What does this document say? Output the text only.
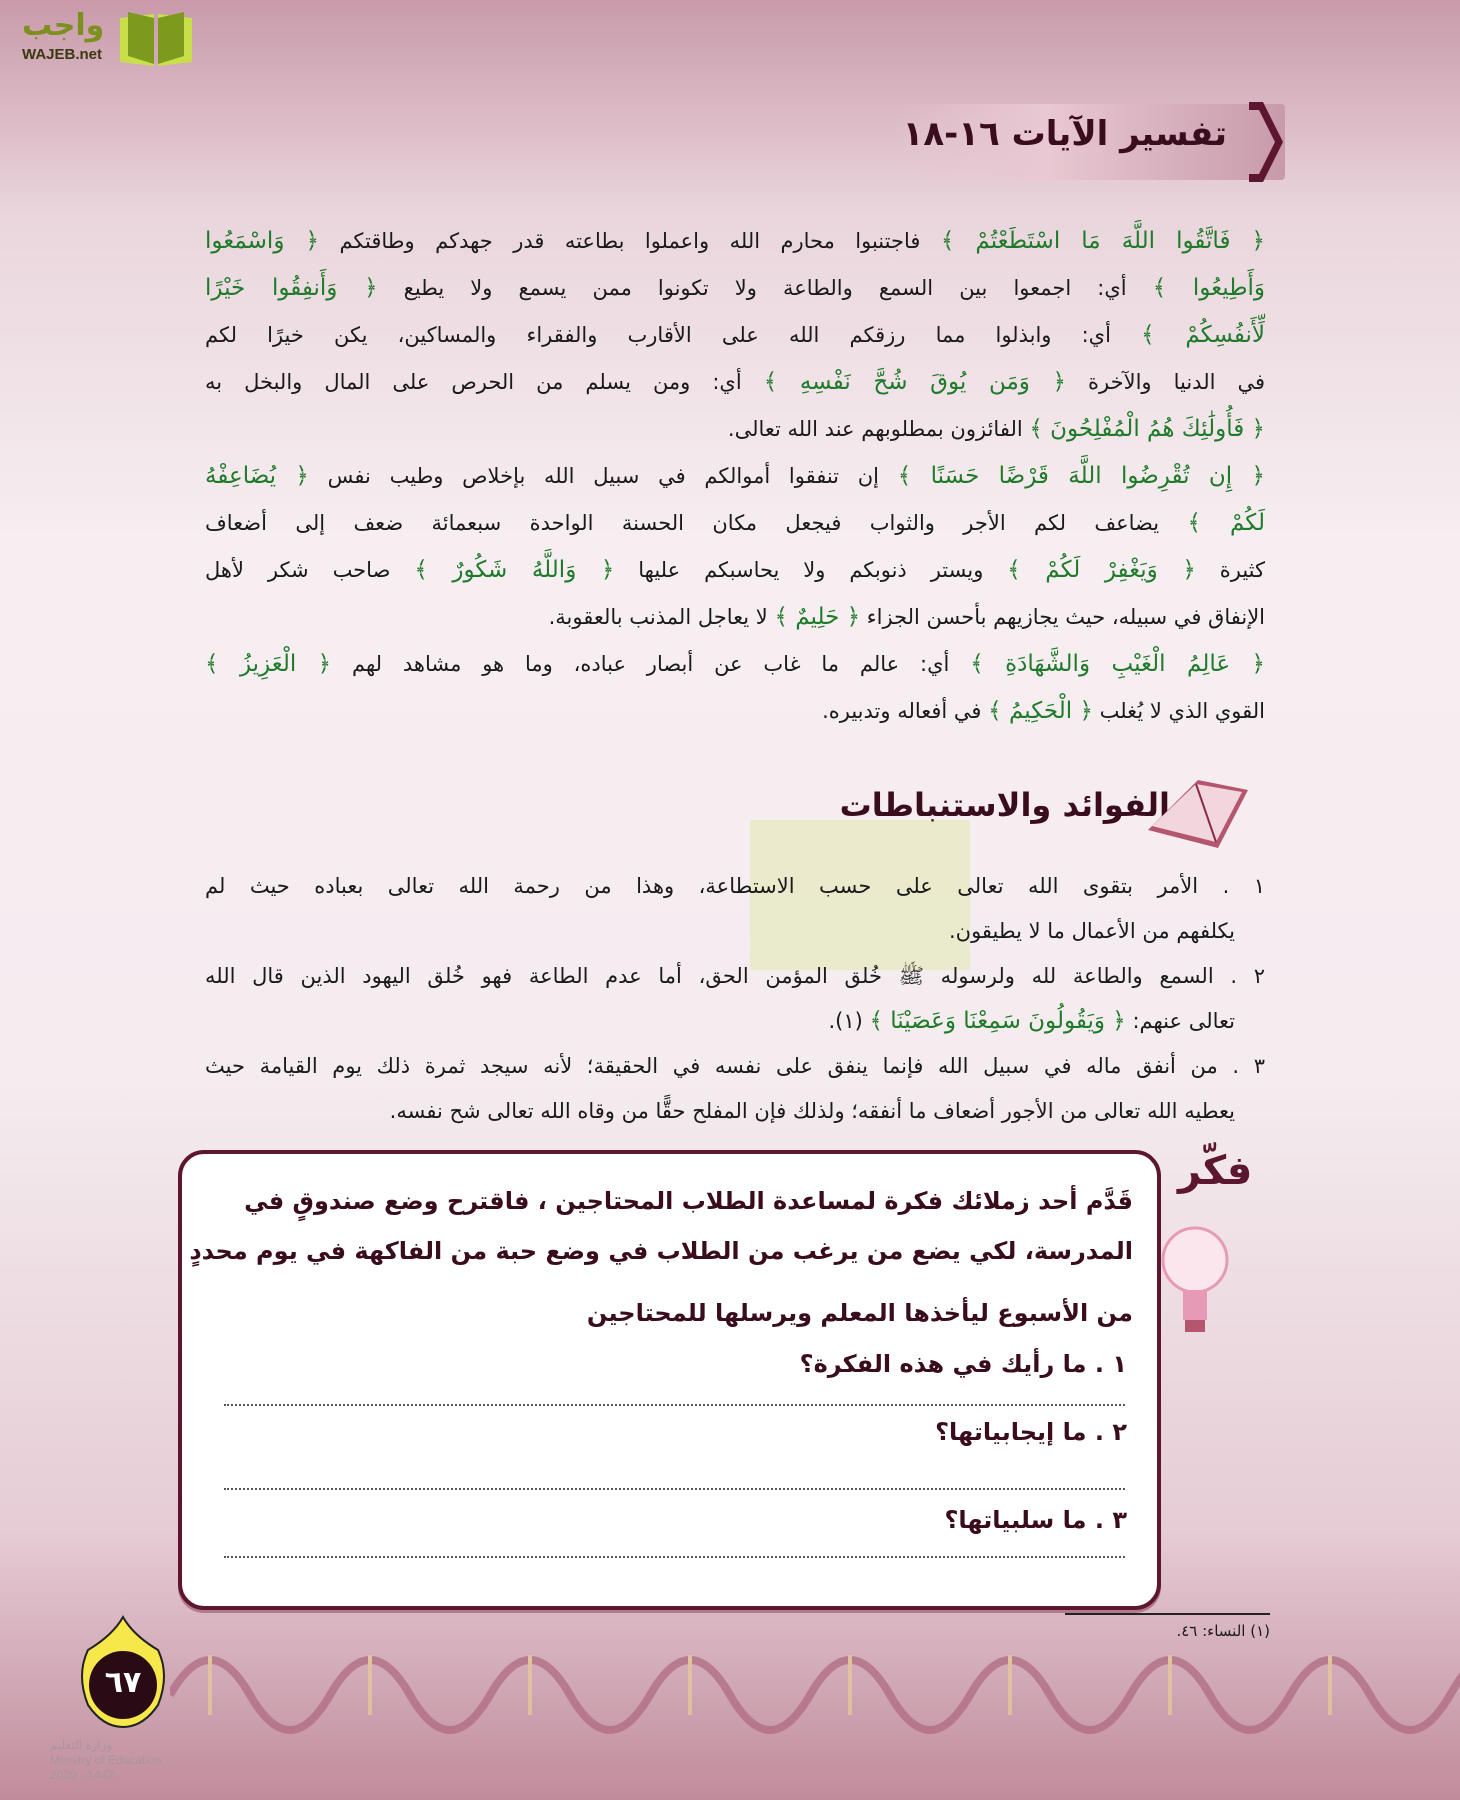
واجب
WAJEB.net
تفسير الآيات ١٦-١٨
﴿ فَاتَّقُوا اللَّهَ مَا اسْتَطَعْتُمْ ﴾ فاجتنبوا محارم الله واعملوا بطاعته قدر جهدكم وطاقتكم ﴿ وَاسْمَعُوا
وَأَطِيعُوا ﴾ أي: اجمعوا بين السمع والطاعة ولا تكونوا ممن يسمع ولا يطيع ﴿ وَأَنفِقُوا خَيْرًا
لِّأَنفُسِكُمْ ﴾ أي: وابذلوا مما رزقكم الله على الأقارب والفقراء والمساكين، يكن خيرًا لكم
في الدنيا والآخرة ﴿ وَمَن يُوقَ شُحَّ نَفْسِهِ ﴾ أي: ومن يسلم من الحرص على المال والبخل به
﴿ فَأُولَٰئِكَ هُمُ الْمُفْلِحُونَ ﴾ الفائزون بمطلوبهم عند الله تعالى.
﴿ إِن تُقْرِضُوا اللَّهَ قَرْضًا حَسَنًا ﴾ إن تنفقوا أموالكم في سبيل الله بإخلاص وطيب نفس ﴿ يُضَاعِفْهُ
لَكُمْ ﴾ يضاعف لكم الأجر والثواب فيجعل مكان الحسنة الواحدة سبعمائة ضعف إلى أضعاف
كثيرة ﴿ وَيَغْفِرْ لَكُمْ ﴾ ويستر ذنوبكم ولا يحاسبكم عليها ﴿ وَاللَّهُ شَكُورٌ ﴾ صاحب شكر لأهل
الإنفاق في سبيله، حيث يجازيهم بأحسن الجزاء ﴿ حَلِيمٌ ﴾ لا يعاجل المذنب بالعقوبة.
﴿ عَالِمُ الْغَيْبِ وَالشَّهَادَةِ ﴾ أي: عالم ما غاب عن أبصار عباده، وما هو مشاهد لهم ﴿ الْعَزِيزُ ﴾
القوي الذي لا يُغلب ﴿ الْحَكِيمُ ﴾ في أفعاله وتدبيره.
الفوائد والاستنباطات
١ . الأمر بتقوى الله تعالى على حسب الاستطاعة، وهذا من رحمة الله تعالى بعباده حيث لم
يكلفهم من الأعمال ما لا يطيقون.
٢ . السمع والطاعة لله ولرسوله ﷺ خُلق المؤمن الحق، أما عدم الطاعة فهو خُلق اليهود الذين قال الله
تعالى عنهم: ﴿ وَيَقُولُونَ سَمِعْنَا وَعَصَيْنَا ﴾ (١).
٣ . من أنفق ماله في سبيل الله فإنما ينفق على نفسه في الحقيقة؛ لأنه سيجد ثمرة ذلك يوم القيامة حيث
يعطيه الله تعالى من الأجور أضعاف ما أنفقه؛ ولذلك فإن المفلح حقًّا من وقاه الله تعالى شح نفسه.
فكّر
قَدَّم أحد زملائك فكرة لمساعدة الطلاب المحتاجين ، فاقترح وضع صندوقٍ في
المدرسة، لكي يضع من يرغب من الطلاب في وضع حبة من الفاكهة في يوم محددٍ
من الأسبوع ليأخذها المعلم ويرسلها للمحتاجين
١ . ما رأيك في هذه الفكرة؟
٢ . ما إيجابياتها؟
٣ . ما سلبياتها؟
(١) النساء: ٤٦.
٦٧
وزارة التعليم
Ministry of Education
2020 - 1442
